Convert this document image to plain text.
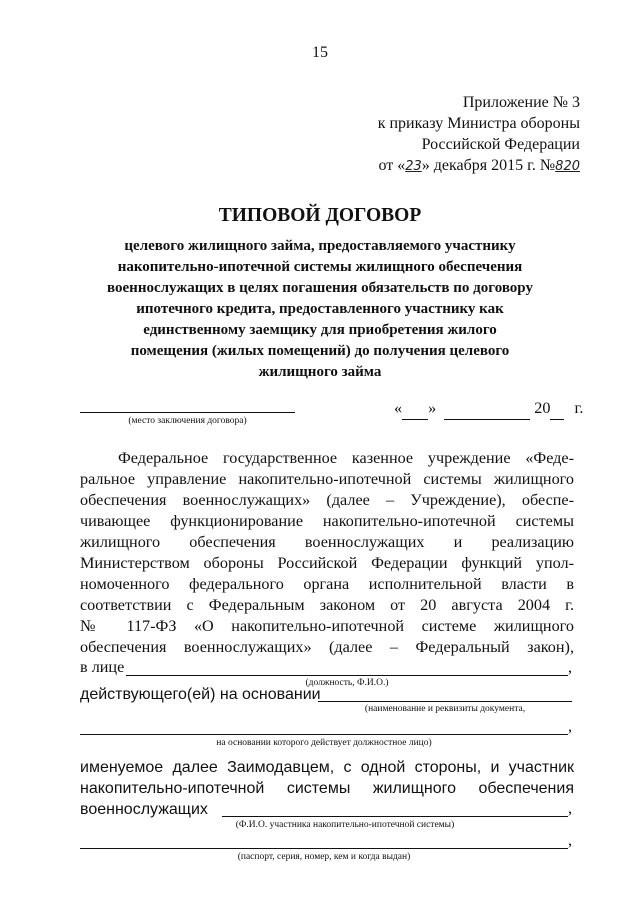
15
Приложение № 3
к приказу Министра обороны
Российской Федерации
от «23» декабря 2015 г. №820
ТИПОВОЙ ДОГОВОР
целевого жилищного займа, предоставляемого участнику
накопительно-ипотечной системы жилищного обеспечения
военнослужащих в целях погашения обязательств по договору
ипотечного кредита, предоставленного участнику как
единственному заемщику для приобретения жилого
помещения (жилых помещений) до получения целевого
жилищного займа
(место заключения договора)
« »	20 г.
Федеральное государственное казенное учреждение «Феде-
ральное управление накопительно-ипотечной системы жилищного
обеспечения военнослужащих» (далее – Учреждение), обеспе-
чивающее функционирование накопительно-ипотечной системы
жилищного обеспечения военнослужащих и реализацию
Министерством обороны Российской Федерации функций упол-
номоченного федерального органа исполнительной власти в
соответствии с Федеральным законом от 20 августа 2004 г.
№ 117-ФЗ «О накопительно-ипотечной системе жилищного
обеспечения военнослужащих» (далее – Федеральный закон),
в лице	,
(должность, Ф.И.О.)
действующего(ей) на основании
(наименование и реквизиты документа,
,
на основании которого действует должностное лицо)
именуемое далее Заимодавцем, с одной стороны, и участник
накопительно-ипотечной системы жилищного обеспечения
военнослужащих	,
(Ф.И.О. участника накопительно-ипотечной системы)
,
(паспорт, серия, номер, кем и когда выдан)
